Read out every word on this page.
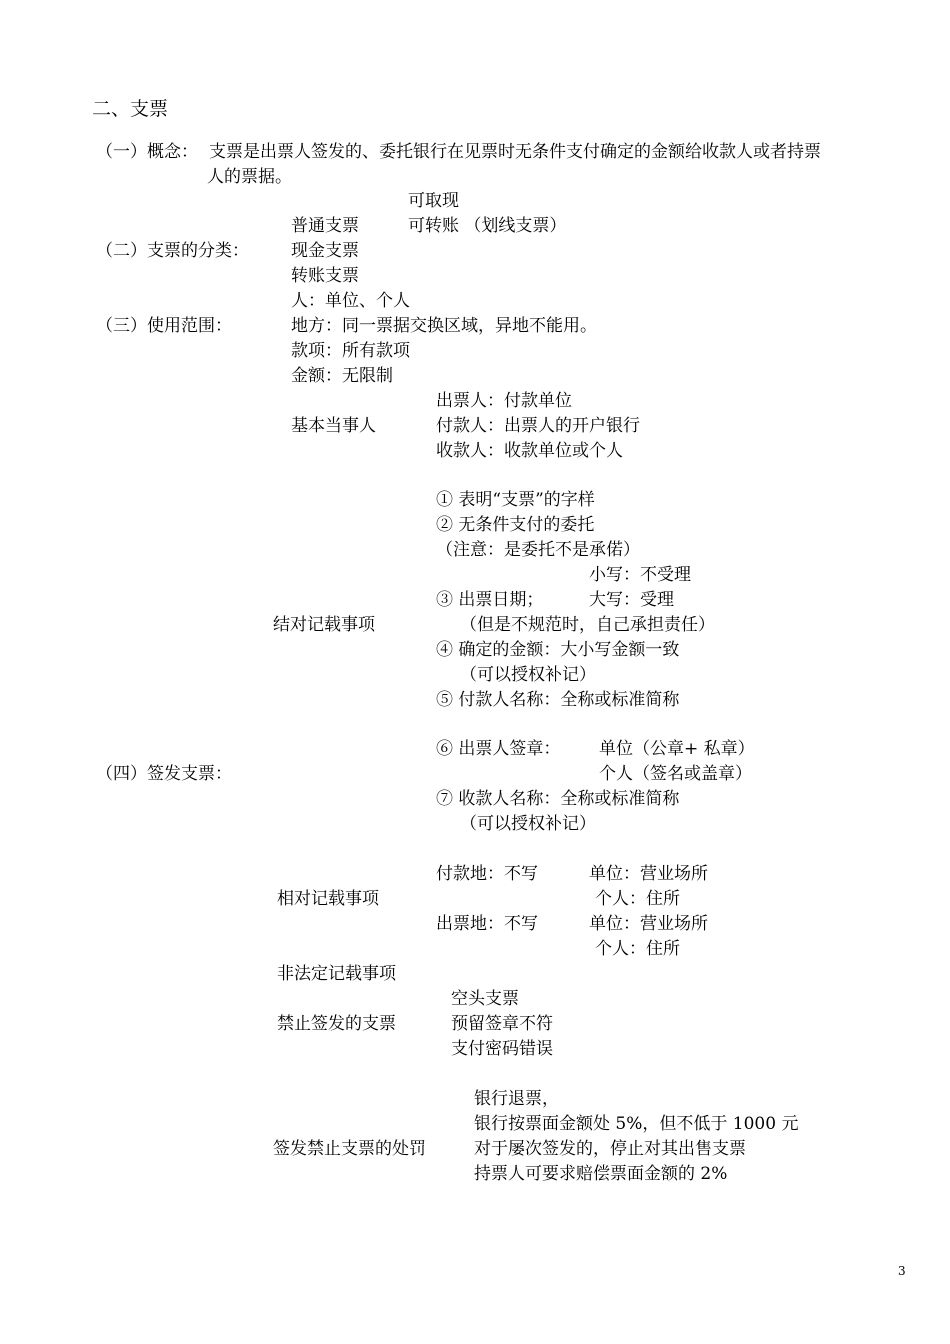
二、支票
（一）概念： 支票是出票人签发的、委托银行在见票时无条件支付确定的金额给收款人或者持票
人的票据。
可取现
普通支票	可转账 （划线支票）
（二）支票的分类： 现金支票
转账支票
人：单位、个人
（三）使用范围：	地方：同一票据交换区域，异地不能用。
款项：所有款项
金额：无限制
出票人：付款单位
基本当事人	付款人：出票人的开户银行
收款人：收款单位或个人
① 表明“支票”的字样
② 无条件支付的委托
（注意：是委托不是承偌）
小写：不受理
③ 出票日期；	大写：受理
结对记载事项	（但是不规范时，自己承担责任）
④ 确定的金额：大小写金额一致
（可以授权补记）
⑤ 付款人名称：全称或标准简称
⑥ 出票人签章： 单位（公章+ 私章）
（四）签发支票：	个人（签名或盖章）
⑦ 收款人名称：全称或标准简称
（可以授权补记）
付款地：不写	单位：营业场所
相对记载事项	个人：住所
出票地：不写	单位：营业场所
个人：住所
非法定记载事项
空头支票
禁止签发的支票	预留签章不符
支付密码错误
银行退票，
银行按票面金额处 5%，但不低于 1000 元
签发禁止支票的处罚	对于屡次签发的，停止对其出售支票
持票人可要求赔偿票面金额的 2%
3
